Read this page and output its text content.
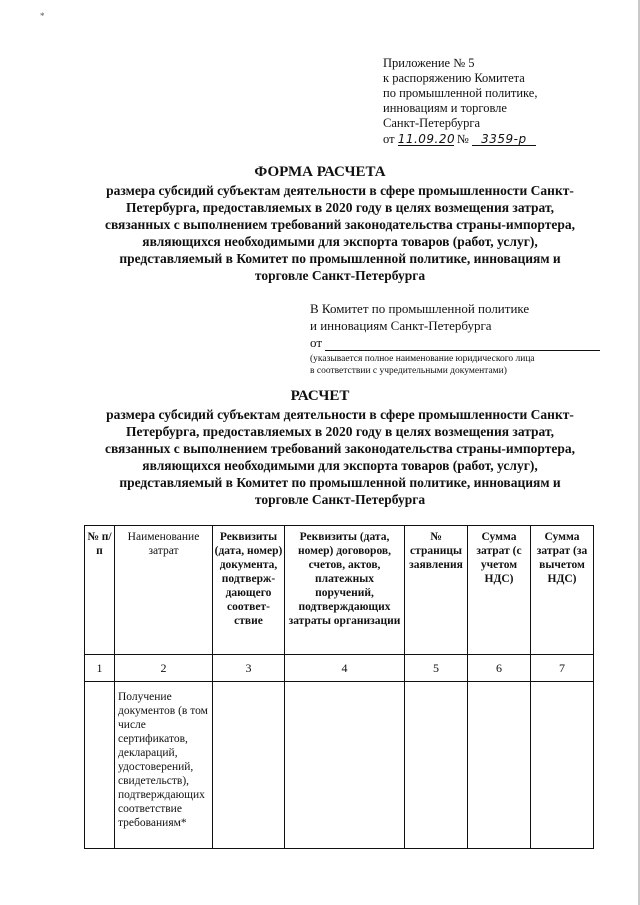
*
Приложение № 5
к распоряжению Комитета
по промышленной политике,
инновациям и торговле
Санкт-Петербурга
от 11.09.20 № 3359-р
ФОРМА РАСЧЕТА
размера субсидий субъектам деятельности в сфере промышленности Санкт-Петербурга, предоставляемых в 2020 году в целях возмещения затрат, связанных с выполнением требований законодательства страны-импортера, являющихся необходимыми для экспорта товаров (работ, услуг), представляемый в Комитет по промышленной политике, инновациям и торговле Санкт-Петербурга
В Комитет по промышленной политике
и инновациям Санкт-Петербурга
от
(указывается полное наименование юридического лица
в соответствии с учредительными документами)
РАСЧЕТ
размера субсидий субъектам деятельности в сфере промышленности Санкт-Петербурга, предоставляемых в 2020 году в целях возмещения затрат, связанных с выполнением требований законодательства страны-импортера, являющихся необходимыми для экспорта товаров (работ, услуг), представляемый в Комитет по промышленной политике, инновациям и торговле Санкт-Петербурга
№ п/п	Наименование затрат	Реквизиты (дата, номер) документа, подтверж-дающего соответ-ствие	Реквизиты (дата, номер) договоров, счетов, актов, платежных поручений, подтверждающих затраты организации	№ страницы заявления	Сумма затрат (с учетом НДС)	Сумма затрат (за вычетом НДС)
1	2	3	4	5	6	7
	Получение документов (в том числе сертификатов, деклараций, удостоверений, свидетельств), подтверждающих соответствие требованиям*					
